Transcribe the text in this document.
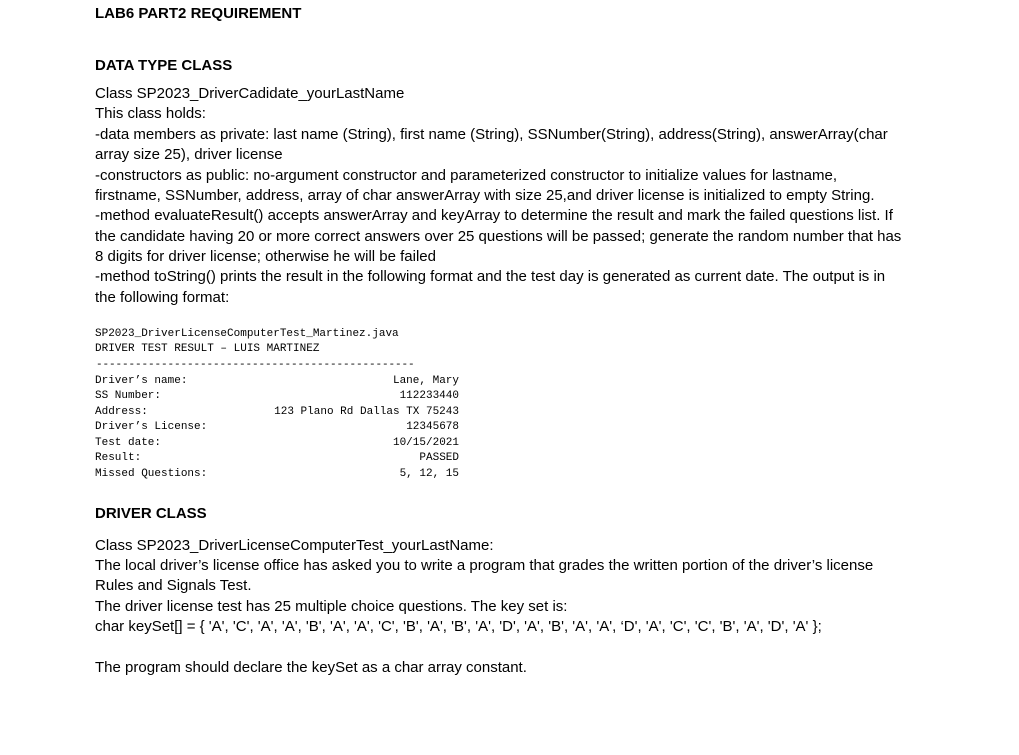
LAB6 PART2 REQUIREMENT
DATA TYPE CLASS
Class SP2023_DriverCadidate_yourLastName
This class holds:
-data members as private: last name (String), first name (String), SSNumber(String), address(String), answerArray(char
array size 25), driver license
-constructors as public: no-argument constructor and parameterized constructor to initialize values for lastname,
firstname, SSNumber, address, array of char answerArray with size 25,and driver license is initialized to empty String.
-method evaluateResult() accepts answerArray and keyArray to determine the result and mark the failed questions list. If
the candidate having 20 or more correct answers over 25 questions will be passed; generate the random number that has
8 digits for driver license; otherwise he will be failed
-method toString() prints the result in the following format and the test day is generated as current date. The output is in
the following format:
SP2023_DriverLicenseComputerTest_Martinez.java
DRIVER TEST RESULT – LUIS MARTINEZ
-------------------------------------------------
Driver’s name:	Lane, Mary
SS Number:	112233440
Address:	123 Plano Rd Dallas TX 75243
Driver’s License:	12345678
Test date:	10/15/2021
Result:	PASSED
Missed Questions:	5, 12, 15
DRIVER CLASS
Class SP2023_DriverLicenseComputerTest_yourLastName:
The local driver’s license office has asked you to write a program that grades the written portion of the driver’s license
Rules and Signals Test.
The driver license test has 25 multiple choice questions. The key set is:
char keySet[] = { 'A', 'C', 'A', 'A', 'B', 'A', 'A', 'C', 'B', 'A', 'B', 'A', 'D', 'A', 'B', 'A', 'A', ‘D', 'A', 'C', 'C', 'B', 'A', 'D', 'A' };
The program should declare the keySet as a char array constant.
